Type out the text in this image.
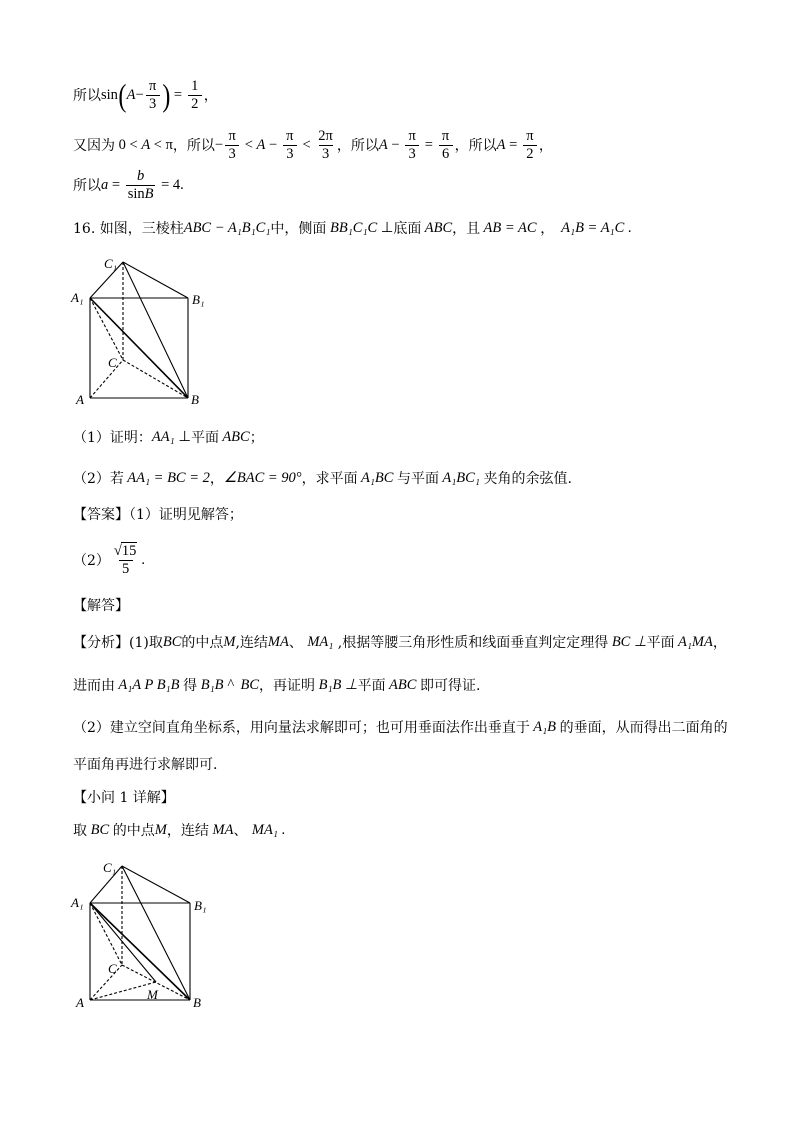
所以 sin ( $A - \frac{\pi}{3}$ ) = $\frac{1}{2}$ ，
又因为 0 < A < π ，所以 − $\frac{\pi}{3} < A - \frac{\pi}{3} < \frac{2\pi}{3}$ ，所以 $A - \frac{\pi}{3} = \frac{\pi}{6}$ ，所以 $A = \frac{\pi}{2}$ ，
所以 $a = \frac{b}{\sin B} = 4$ .
16. 如图，三棱柱 ABC − A₁B₁C₁ 中，侧面 BB₁C₁C ⊥ 底面 ABC ，且 AB = AC ， A₁B = A₁C .
C₁
A₁	B₁
C
A	B
（1）证明： AA₁ ⊥ 平面 ABC ；
（2）若 AA₁ = BC = 2 ， ∠BAC = 90° ，求平面 A₁BC 与平面 A₁BC₁ 夹角的余弦值.
【答案】（1）证明见解答；
$(2) \frac{√15}{5}$ .
【解答】
【分析】(1)取 BC 的中点 M ,连结 MA 、 MA₁ ,根据等腰三角形性质和线面垂直判定定理得 BC ⊥ 平面 A₁MA ，
进而由 A₁A P B₁B 得 B₁B ^  BC ，再证明 B₁B ⊥ 平面 ABC 即可得证.
（2）建立空间直角坐标系，用向量法求解即可；也可用垂面法作出垂直于 A₁B 的垂面，从而得出二面角的
平面角再进行求解即可.
【小问 1 详解】
取 BC 的中点 M ，连结 MA 、 MA₁ .
C₁
A₁	B₁
C
A	B
M
